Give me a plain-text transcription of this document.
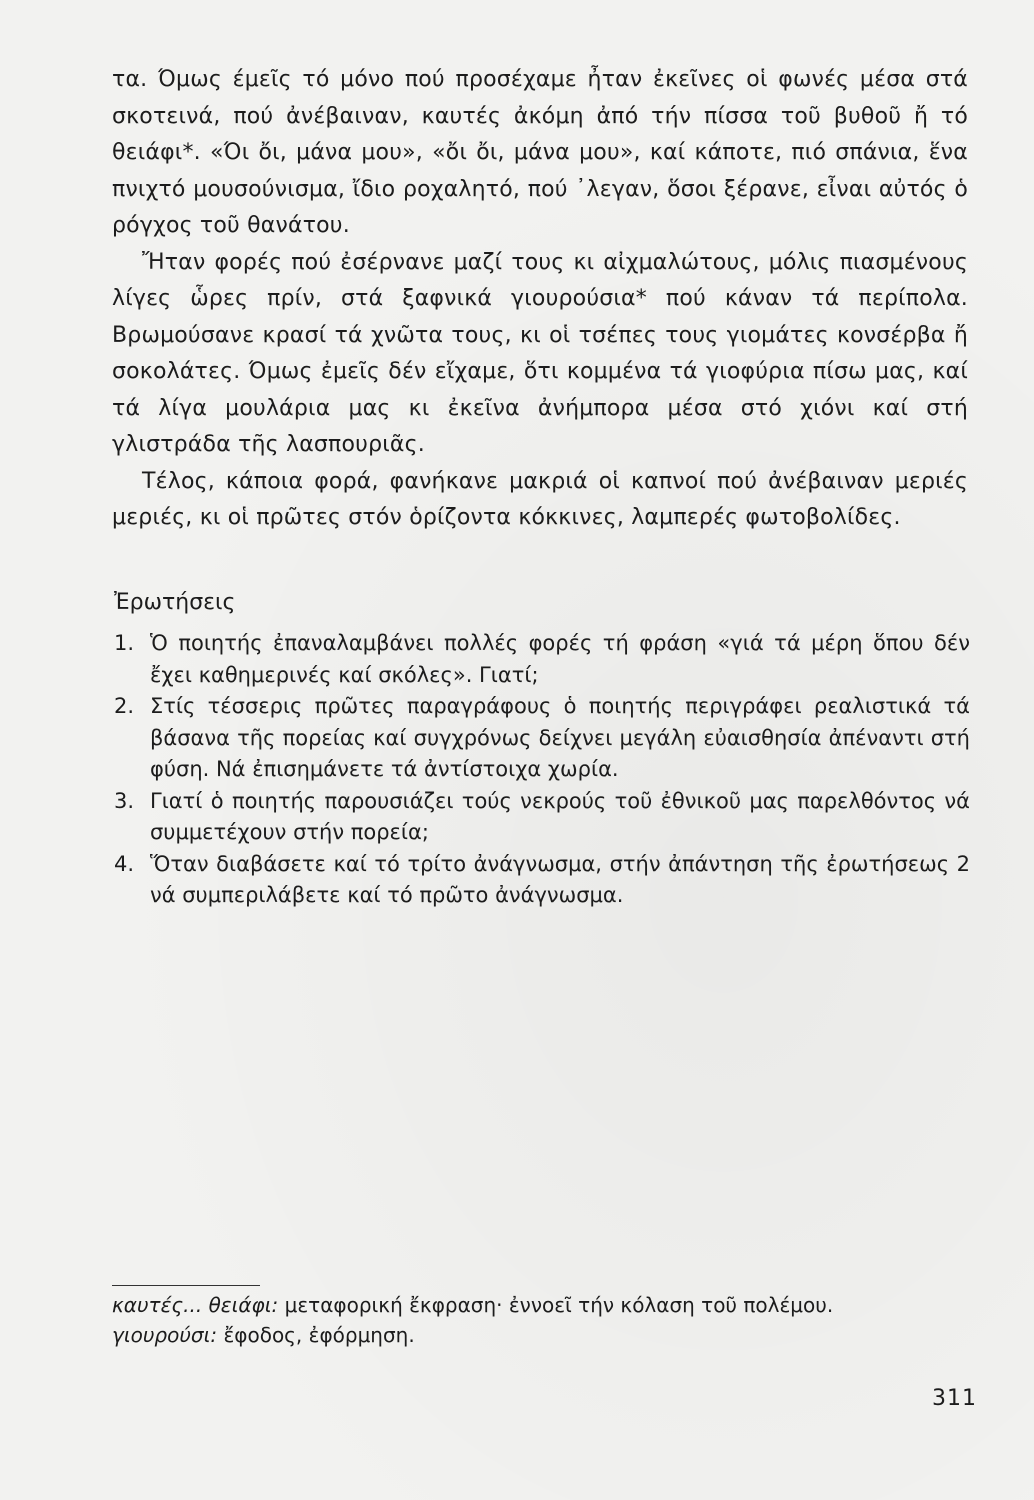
τα. Όμως έμεῖς τό μόνο πού προσέχαμε ἦταν ἐκεῖνες οἱ φωνές μέσα στά σκοτεινά, πού ἀνέβαιναν, καυτές ἀκόμη ἀπό τήν πίσσα τοῦ βυθοῦ ἤ τό θειάφι*. «Όι ὄι, μάνα μου», «ὄι ὄι, μάνα μου», καί κάποτε, πιό σπάνια, ἕνα πνιχτό μουσούνισμα, ἴδιο ροχαλητό, πού ᾿λεγαν, ὅσοι ξέρανε, εἶναι αὐτός ὁ ρόγχος τοῦ θανάτου.

Ἤταν φορές πού ἐσέρνανε μαζί τους κι αἰχμαλώτους, μόλις πιασμένους λίγες ὧρες πρίν, στά ξαφνικά γιουρούσια* πού κάναν τά περίπολα. Βρωμούσανε κρασί τά χνῶτα τους, κι οἱ τσέπες τους γιομάτες κονσέρβα ἤ σοκολάτες. Όμως ἐμεῖς δέν εἴχαμε, ὅτι κομμένα τά γιοφύρια πίσω μας, καί τά λίγα μουλάρια μας κι ἐκεῖνα ἀνήμπορα μέσα στό χιόνι καί στή γλιστράδα τῆς λασπουριᾶς.

Τέλος, κάποια φορά, φανήκανε μακριά οἱ καπνοί πού ἀνέβαιναν μεριές μεριές, κι οἱ πρῶτες στόν ὁρίζοντα κόκκινες, λαμπερές φωτοβολίδες.

Ἐρωτήσεις
1. Ὁ ποιητής ἐπαναλαμβάνει πολλές φορές τή φράση «γιά τά μέρη ὅπου δέν ἔχει καθημερινές καί σκόλες». Γιατί;
2. Στίς τέσσερις πρῶτες παραγράφους ὁ ποιητής περιγράφει ρεαλιστικά τά βάσανα τῆς πορείας καί συγχρόνως δείχνει μεγάλη εὐαισθησία ἀπέναντι στή φύση. Νά ἐπισημάνετε τά ἀντίστοιχα χωρία.
3. Γιατί ὁ ποιητής παρουσιάζει τούς νεκρούς τοῦ ἐθνικοῦ μας παρελθόντος νά συμμετέχουν στήν πορεία;
4. Ὅταν διαβάσετε καί τό τρίτο ἀνάγνωσμα, στήν ἀπάντηση τῆς ἐρωτήσεως 2 νά συμπεριλάβετε καί τό πρῶτο ἀνάγνωσμα.

καυτές... θειάφι: μεταφορική ἔκφραση· ἐννοεῖ τήν κόλαση τοῦ πολέμου.

γιουρούσι: ἔφοδος, ἐφόρμηση.

311
